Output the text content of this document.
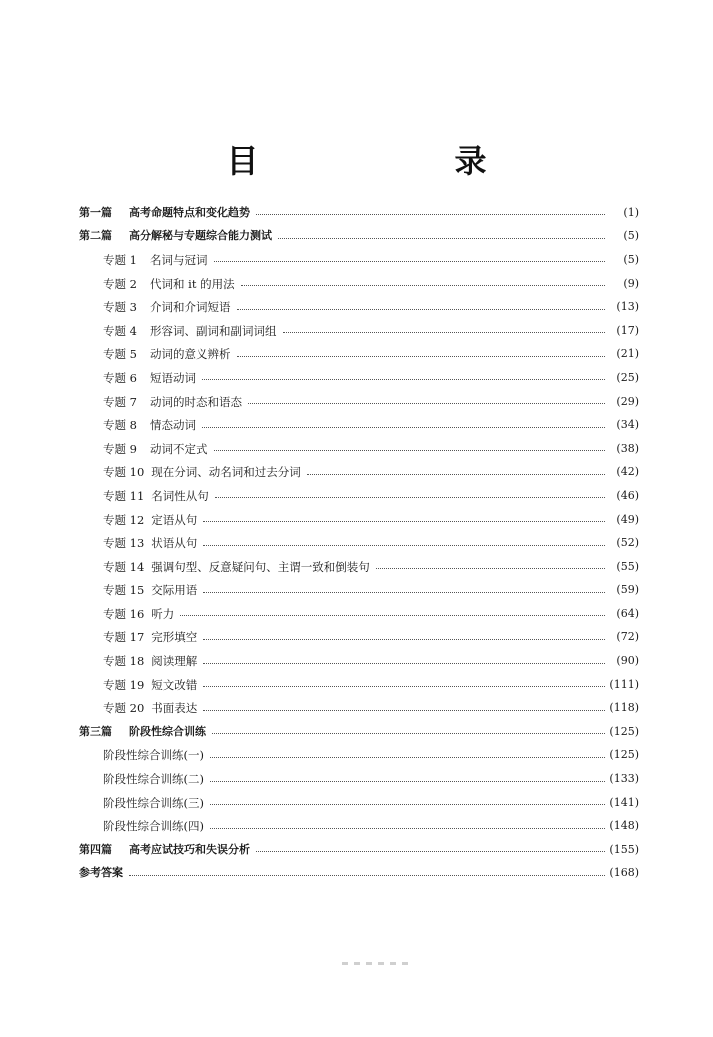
目　　录
第一篇	高考命题特点和变化趋势	(1)
第二篇	高分解秘与专题综合能力测试	(5)
专题 1	名词与冠词	(5)
专题 2	代词和 it 的用法	(9)
专题 3	介词和介词短语	(13)
专题 4	形容词、副词和副词词组	(17)
专题 5	动词的意义辨析	(21)
专题 6	短语动词	(25)
专题 7	动词的时态和语态	(29)
专题 8	情态动词	(34)
专题 9	动词不定式	(38)
专题 10 现在分词、动名词和过去分词	(42)
专题 11 名词性从句	(46)
专题 12 定语从句	(49)
专题 13 状语从句	(52)
专题 14 强调句型、反意疑问句、主谓一致和倒装句	(55)
专题 15 交际用语	(59)
专题 16 听力	(64)
专题 17 完形填空	(72)
专题 18 阅读理解	(90)
专题 19 短文改错	(111)
专题 20 书面表达	(118)
第三篇	阶段性综合训练	(125)
阶段性综合训练(一)	(125)
阶段性综合训练(二)	(133)
阶段性综合训练(三)	(141)
阶段性综合训练(四)	(148)
第四篇	高考应试技巧和失误分析	(155)
参考答案	(168)
